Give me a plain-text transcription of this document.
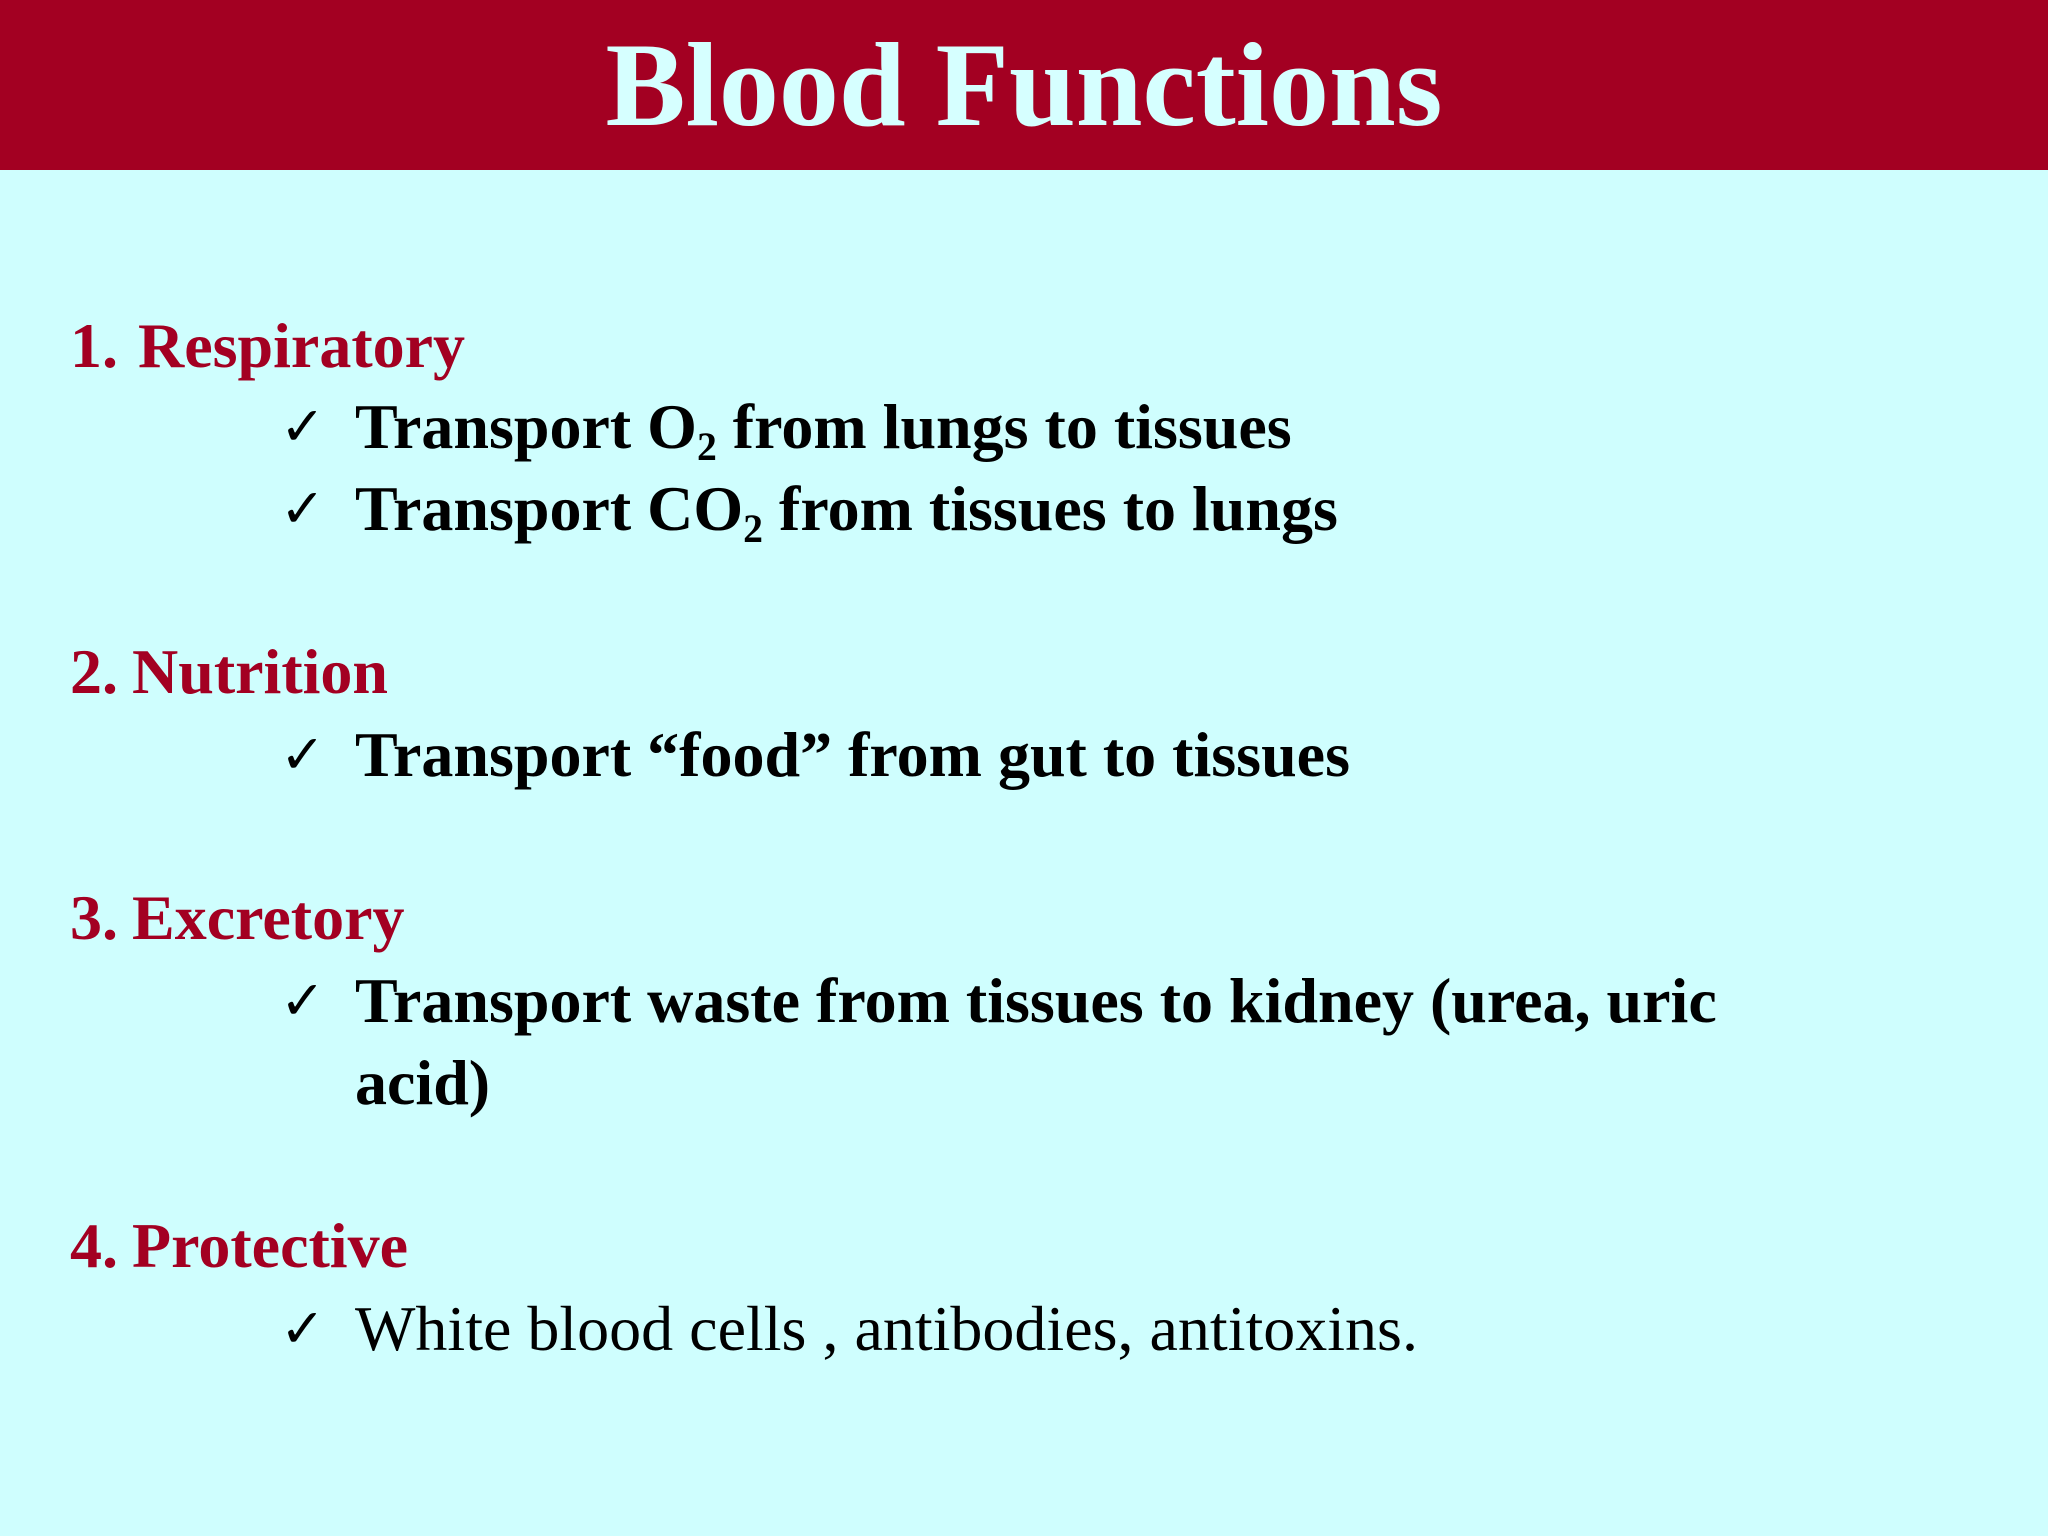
Blood Functions
1. Respiratory
✓ Transport $O_2$ from lungs to tissues
✓ Transport $CO_2$ from tissues to lungs
2. Nutrition
✓ Transport “food” from gut to tissues
3. Excretory
✓ Transport waste from tissues to kidney (urea, uric
acid)
4. Protective
✓ White blood cells , antibodies, antitoxins.
